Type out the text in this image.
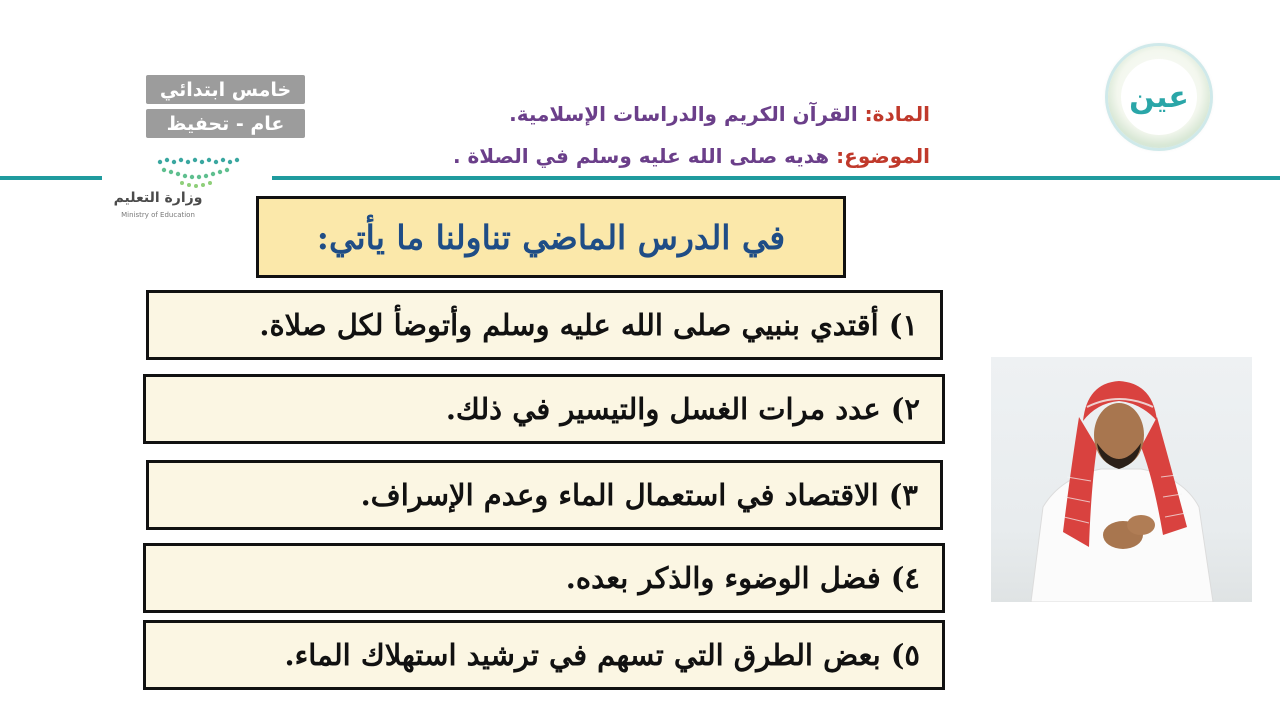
خامس ابتدائي
عام - تحفيظ
وزارة التعليم
Ministry of Education
المادة: القرآن الكريم والدراسات الإسلامية.
الموضوع: هديه صلى الله عليه وسلم في الصلاة .
عين
في الدرس الماضي تناولنا ما يأتي:
١)
أقتدي بنبيي صلى الله عليه وسلم وأتوضأ لكل صلاة.
٢)
عدد مرات الغسل والتيسير في ذلك.
٣)
الاقتصاد في استعمال الماء وعدم الإسراف.
٤)
فضل الوضوء والذكر بعده.
٥)
بعض الطرق التي تسهم في ترشيد استهلاك الماء.
